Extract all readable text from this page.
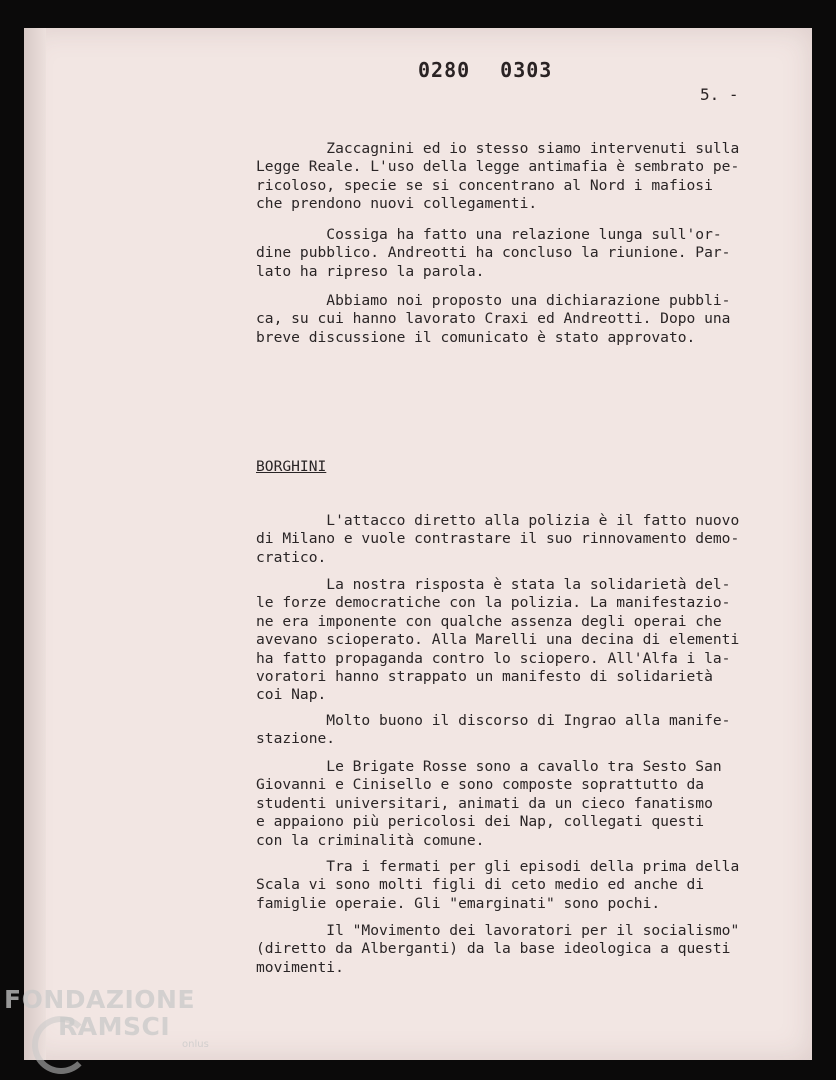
0280 0303
5. -
Zaccagnini ed io stesso siamo intervenuti sulla
Legge Reale. L'uso della legge antimafia è sembrato pe-
ricoloso, specie se si concentrano al Nord i mafiosi
che prendono nuovi collegamenti.
Cossiga ha fatto una relazione lunga sull'or-
dine pubblico. Andreotti ha concluso la riunione. Par-
lato ha ripreso la parola.
Abbiamo noi proposto una dichiarazione pubbli-
ca, su cui hanno lavorato Craxi ed Andreotti. Dopo una
breve discussione il comunicato è stato approvato.
BORGHINI
L'attacco diretto alla polizia è il fatto nuovo
di Milano e vuole contrastare il suo rinnovamento demo-
cratico.
La nostra risposta è stata la solidarietà del-
le forze democratiche con la polizia. La manifestazio-
ne era imponente con qualche assenza degli operai che
avevano scioperato. Alla Marelli una decina di elementi
ha fatto propaganda contro lo sciopero. All'Alfa i la-
voratori hanno strappato un manifesto di solidarietà
coi Nap.
Molto buono il discorso di Ingrao alla manife-
stazione.
Le Brigate Rosse sono a cavallo tra Sesto San
Giovanni e Cinisello e sono composte soprattutto da
studenti universitari, animati da un cieco fanatismo
e appaiono più pericolosi dei Nap, collegati questi
con la criminalità comune.
Tra i fermati per gli episodi della prima della
Scala vi sono molti figli di ceto medio ed anche di
famiglie operaie. Gli "emarginati" sono pochi.
Il "Movimento dei lavoratori per il socialismo"
(diretto da Alberganti) da la base ideologica a questi
movimenti.
FONDAZIONE
RAMSCI
onlus
